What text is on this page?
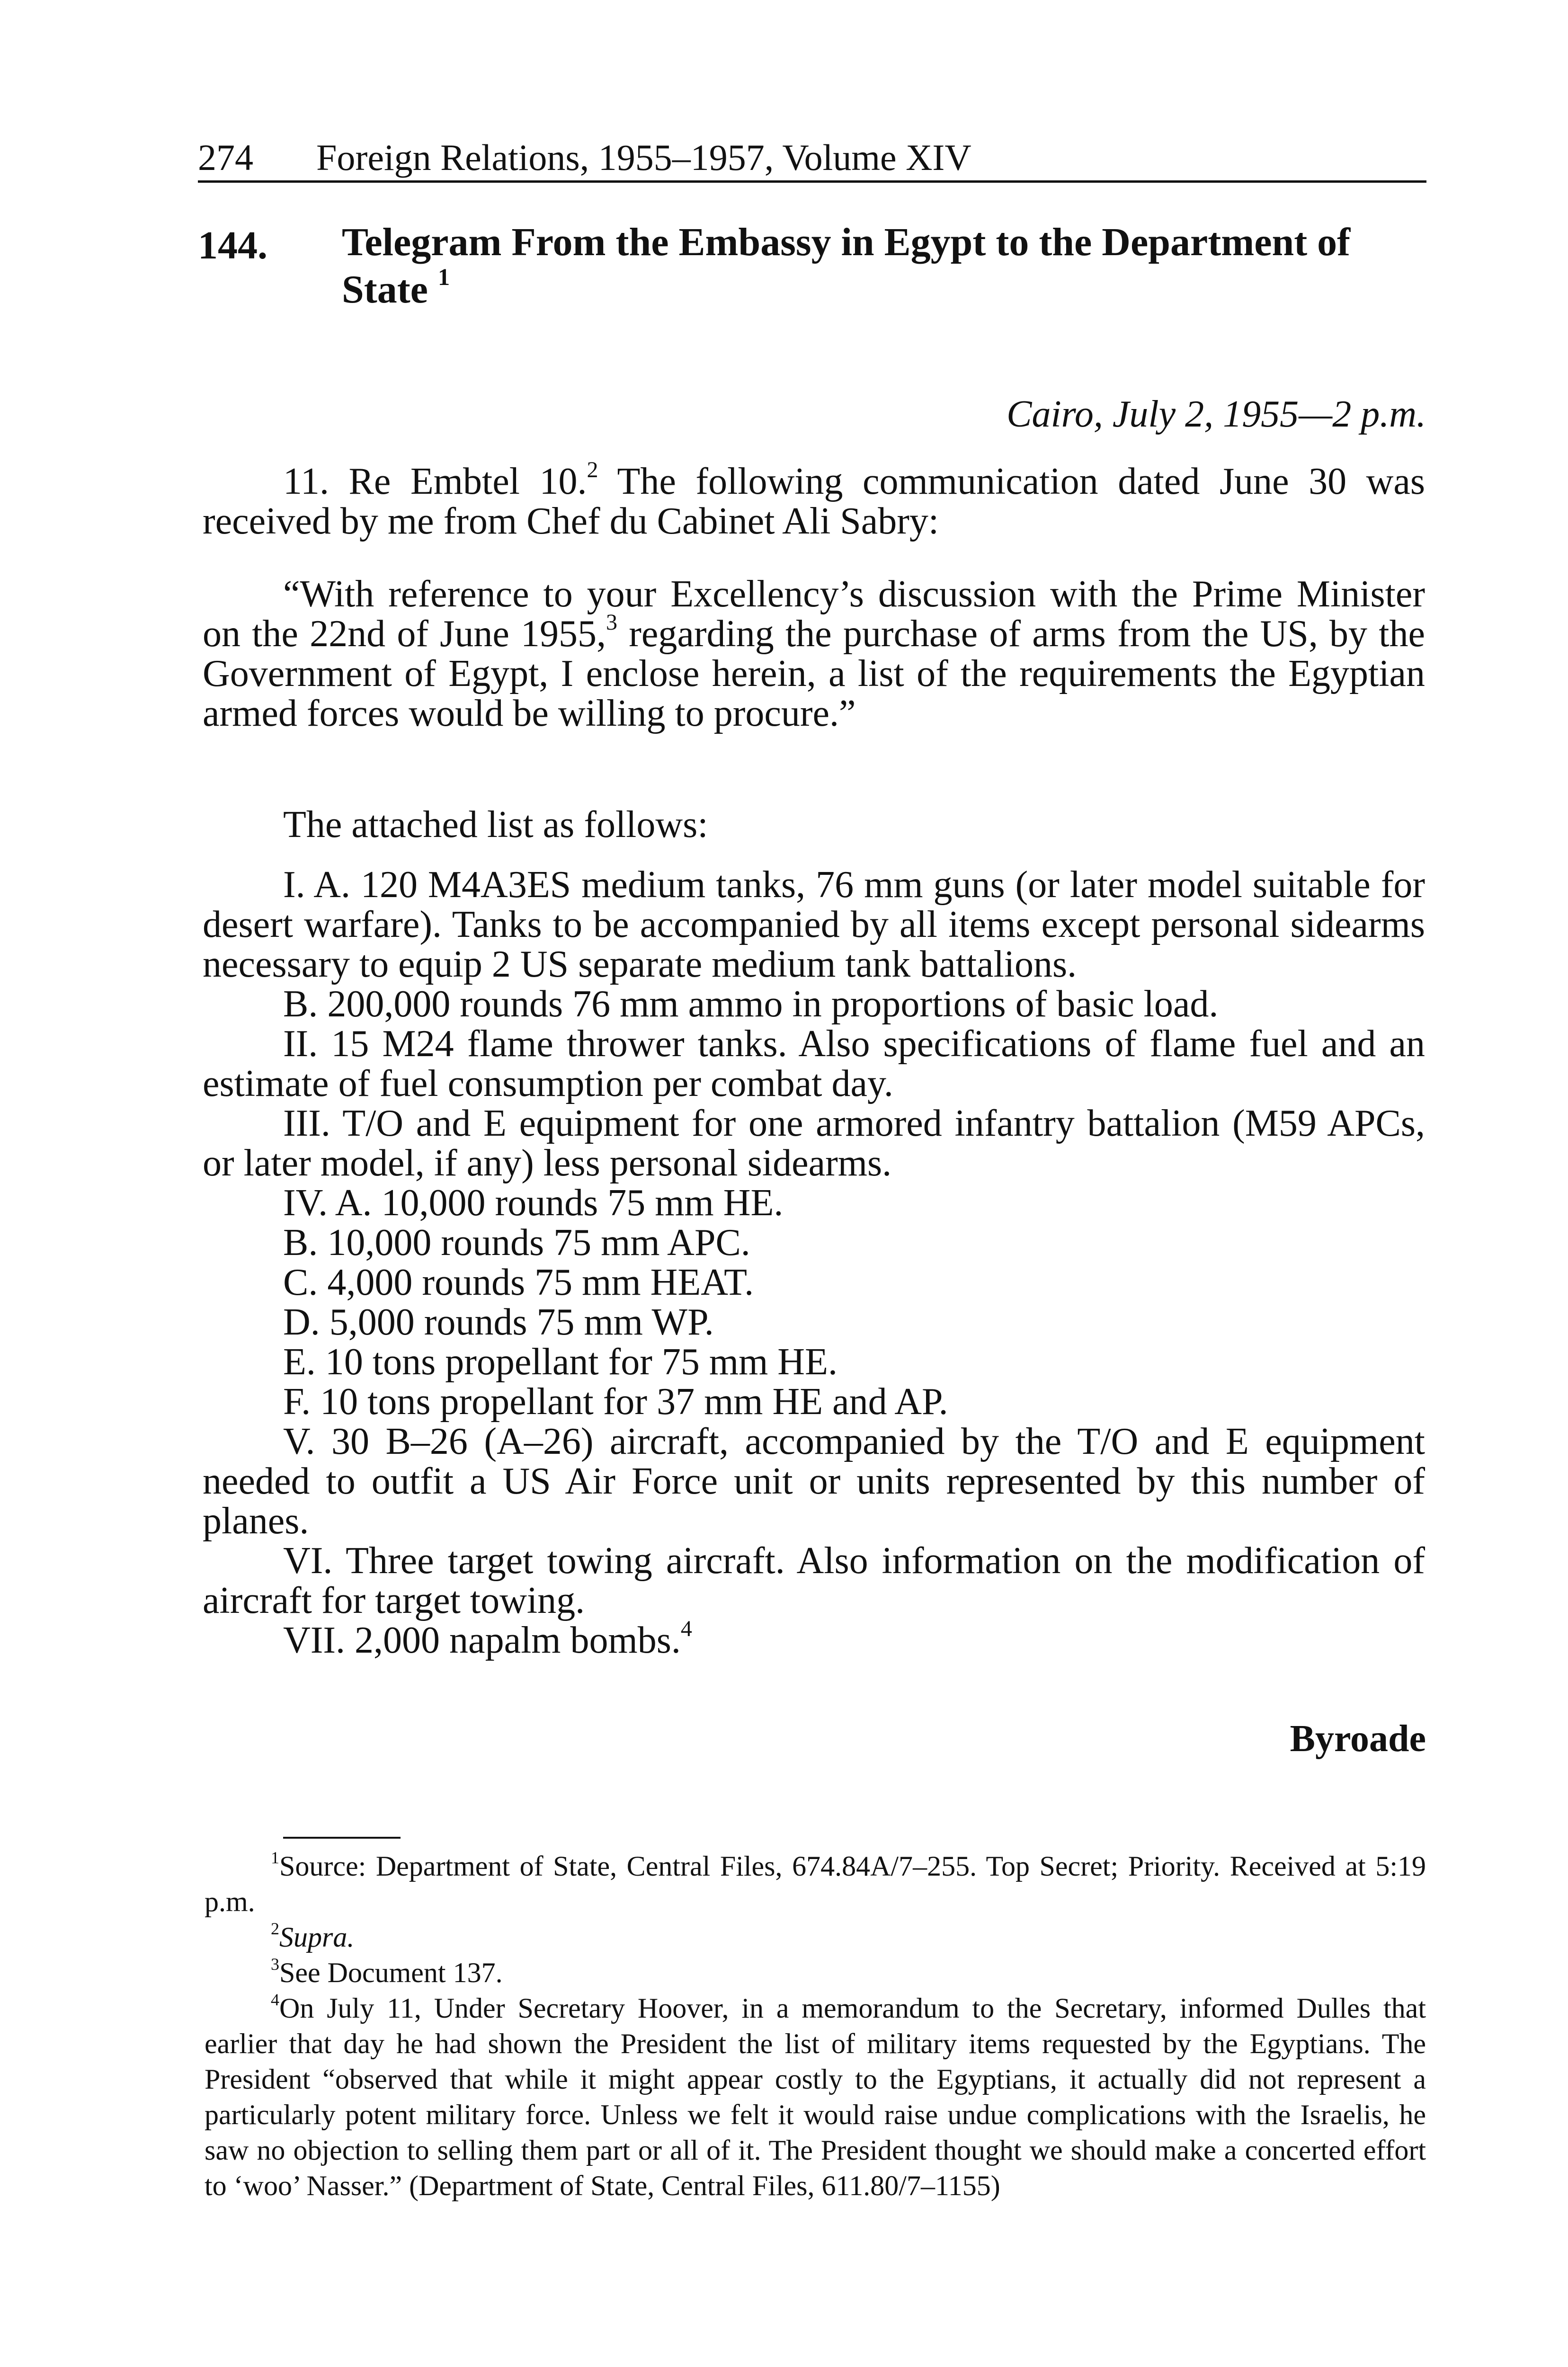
274 Foreign Relations, 1955–1957, Volume XIV
144. Telegram From the Embassy in Egypt to the Department of State $^1$
Cairo, July 2, 1955—2 p.m.

11. Re Embtel 10.$^2$ The following communication dated June 30 was received by me from Chef du Cabinet Ali Sabry:

“With reference to your Excellency’s discussion with the Prime Minister on the 22nd of June 1955,$^3$ regarding the purchase of arms from the US, by the Government of Egypt, I enclose herein, a list of the requirements the Egyptian armed forces would be willing to procure.”

The attached list as follows:

I. A. 120 M4A3ES medium tanks, 76 mm guns (or later model suitable for desert warfare). Tanks to be accompanied by all items except personal sidearms necessary to equip 2 US separate medium tank battalions.

B. 200,000 rounds 76 mm ammo in proportions of basic load.

II. 15 M24 flame thrower tanks. Also specifications of flame fuel and an estimate of fuel consumption per combat day.

III. T/O and E equipment for one armored infantry battalion (M59 APCs, or later model, if any) less personal sidearms.

IV. A. 10,000 rounds 75 mm HE.

B. 10,000 rounds 75 mm APC.

C. 4,000 rounds 75 mm HEAT.

D. 5,000 rounds 75 mm WP.

E. 10 tons propellant for 75 mm HE.

F. 10 tons propellant for 37 mm HE and AP.

V. 30 B–26 (A–26) aircraft, accompanied by the T/O and E equipment needed to outfit a US Air Force unit or units represented by this number of planes.

VI. Three target towing aircraft. Also information on the modification of aircraft for target towing.

VII. 2,000 napalm bombs.$^4$

Byroade

$^1$Source: Department of State, Central Files, 674.84A/7–255. Top Secret; Priority. Received at 5:19 p.m.

$^2$Supra.

$^3$See Document 137.

$^4$On July 11, Under Secretary Hoover, in a memorandum to the Secretary, informed Dulles that earlier that day he had shown the President the list of military items requested by the Egyptians. The President “observed that while it might appear costly to the Egyptians, it actually did not represent a particularly potent military force. Unless we felt it would raise undue complications with the Israelis, he saw no objection to selling them part or all of it. The President thought we should make a concerted effort to ‘woo’ Nasser.” (Department of State, Central Files, 611.80/7–1155)
